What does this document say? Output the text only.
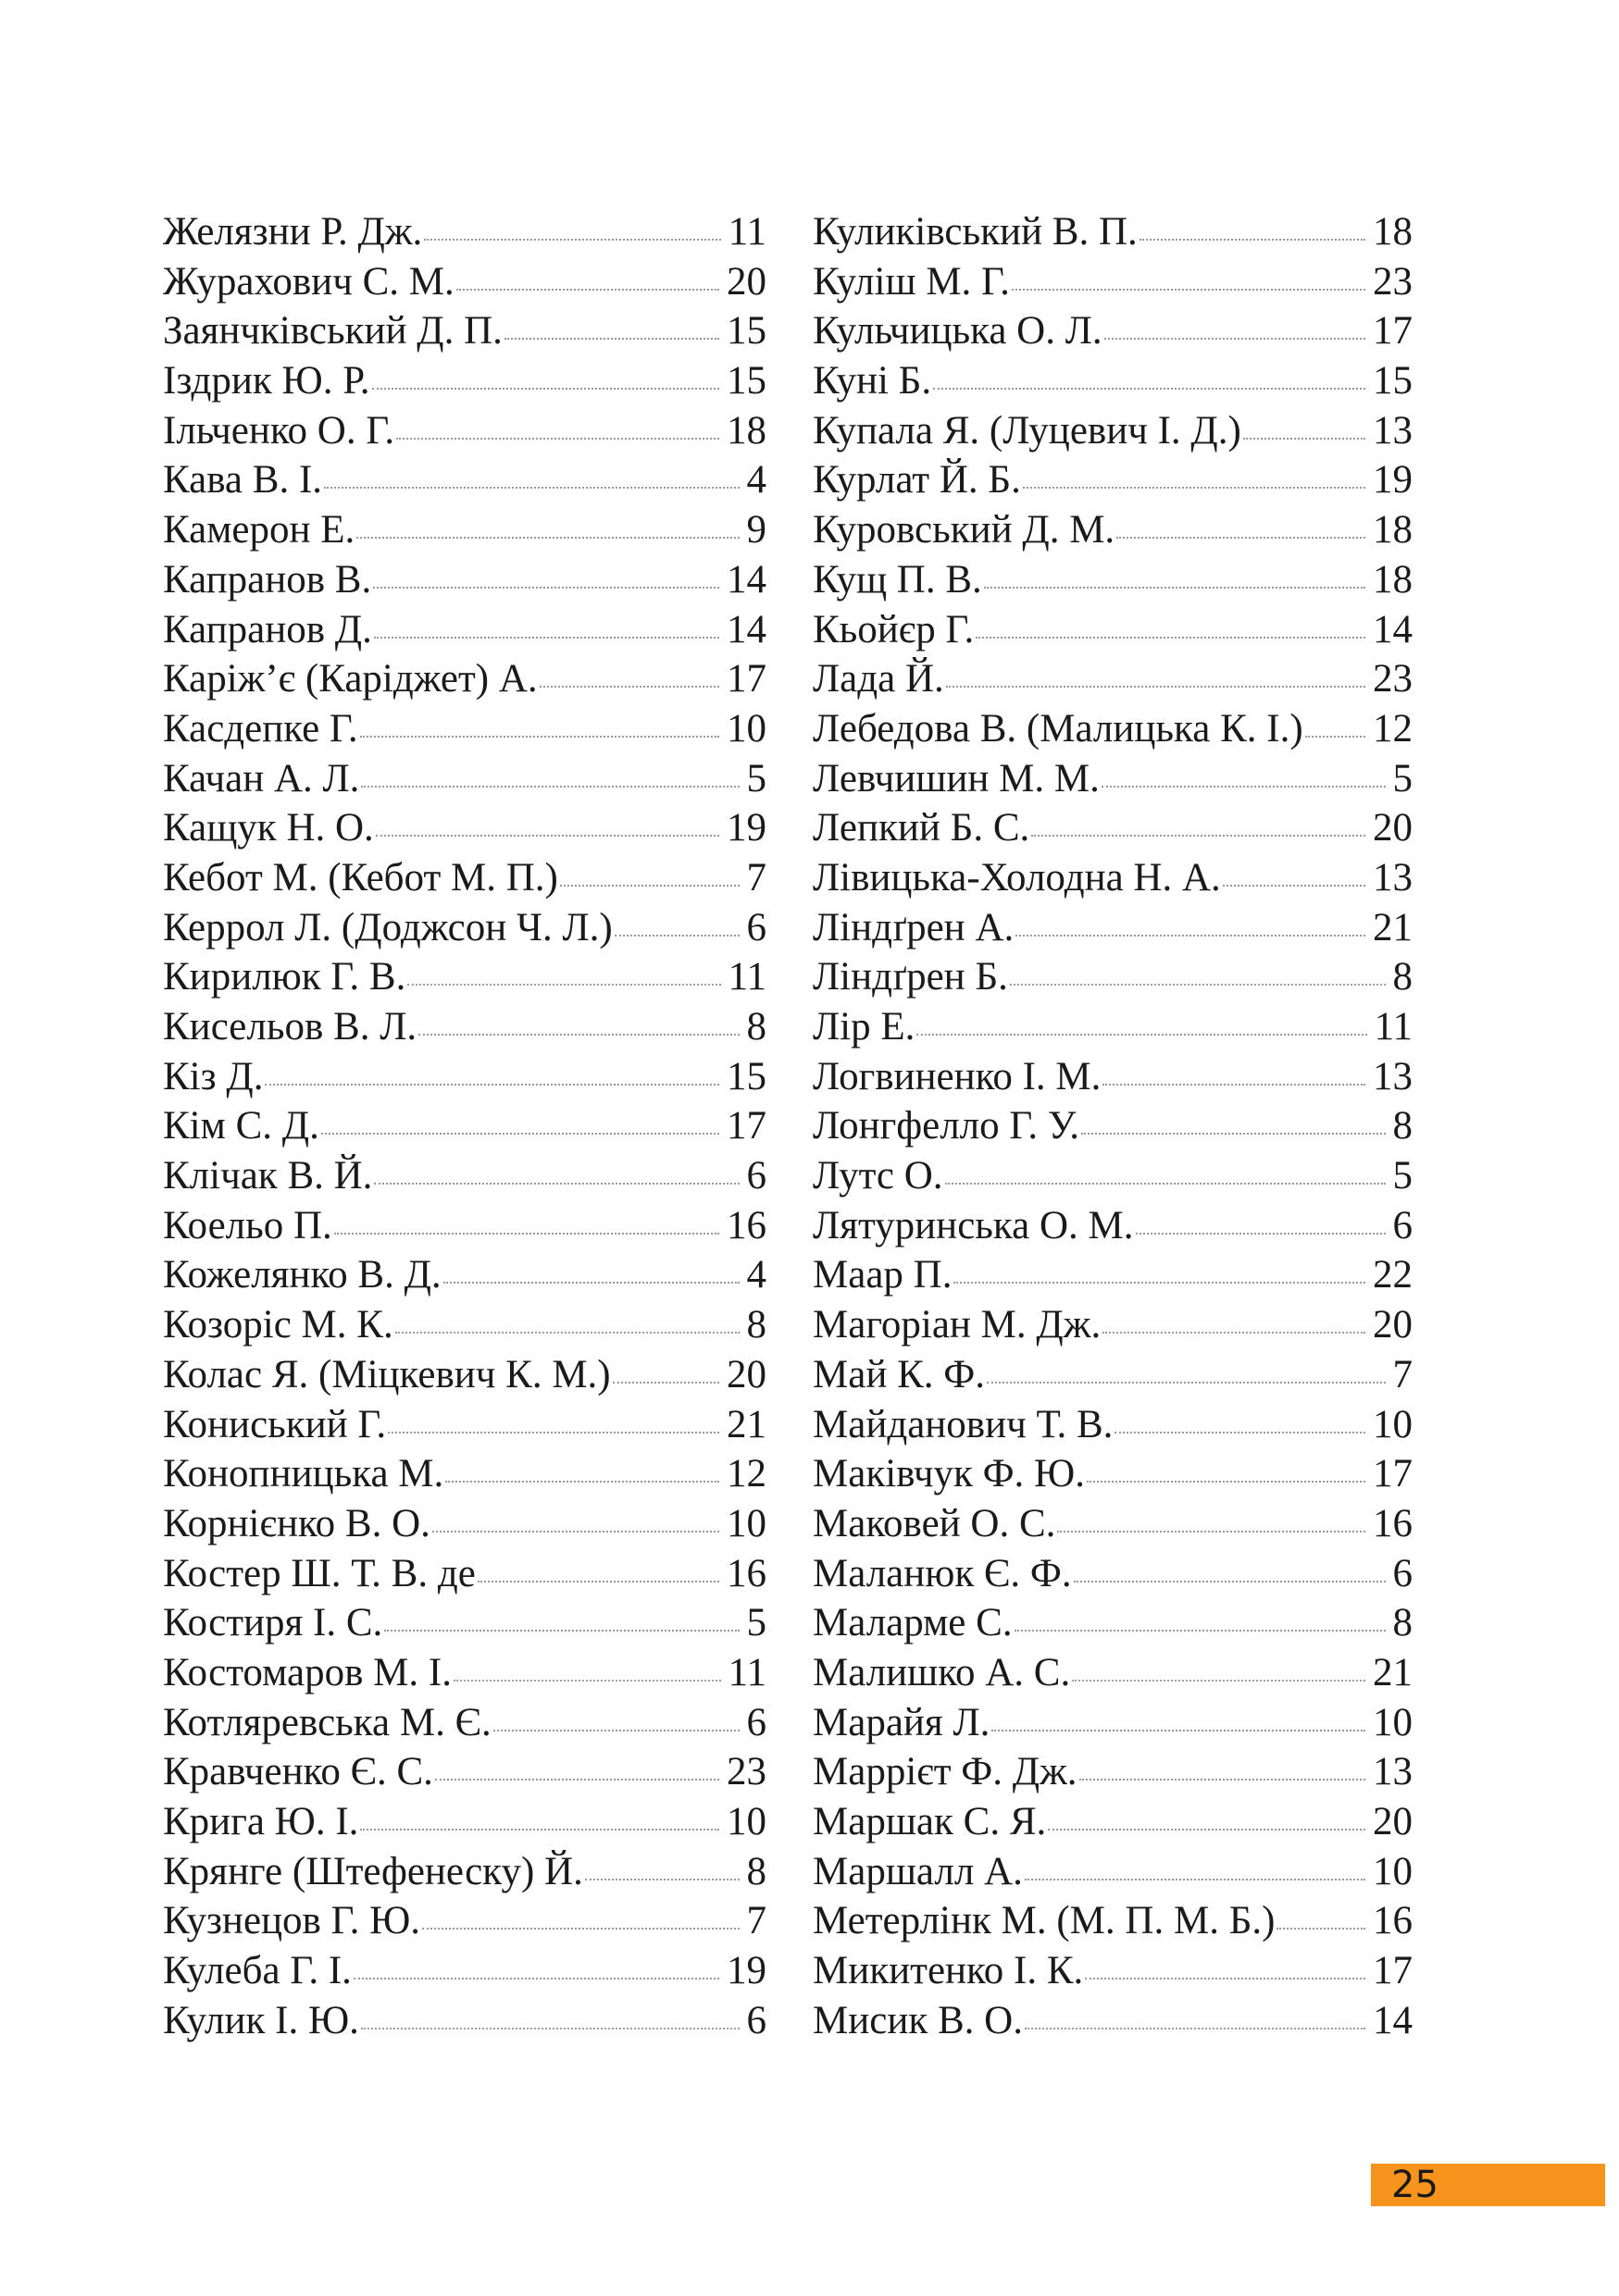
Желязни Р. Дж.	11
Журахович С. М.	20
Заянчківський Д. П.	15
Іздрик Ю. Р.	15
Ільченко О. Г.	18
Кава В. І.	4
Камерон Е.	9
Капранов В.	14
Капранов Д.	14
Каріж’є (Каріджет) А.	17
Касдепке Г.	10
Качан А. Л.	5
Кащук Н. О.	19
Кебот М. (Кебот М. П.)	7
Керрол Л. (Доджсон Ч. Л.)	6
Кирилюк Г. В.	11
Кисельов В. Л.	8
Кіз Д.	15
Кім С. Д.	17
Клічак В. Й.	6
Коельо П.	16
Кожелянко В. Д.	4
Козоріс М. К.	8
Колас Я. (Міцкевич К. М.)	20
Кониський Г.	21
Конопницька М.	12
Корнієнко В. О.	10
Костер Ш. Т. В. де	16
Костиря І. С.	5
Костомаров М. І.	11
Котляревська М. Є.	6
Кравченко Є. С.	23
Крига Ю. І.	10
Крянге (Штефенеску) Й.	8
Кузнецов Г. Ю.	7
Кулеба Г. І.	19
Кулик І. Ю.	6
Куликівський В. П.	18
Куліш М. Г.	23
Кульчицька О. Л.	17
Куні Б.	15
Купала Я. (Луцевич І. Д.)	13
Курлат Й. Б.	19
Куровський Д. М.	18
Кущ П. В.	18
Кьойєр Г.	14
Лада Й.	23
Лебедова В. (Малицька К. І.) 12
Левчишин М. М.	5
Лепкий Б. С.	20
Лівицька-Холодна Н. А.	13
Ліндґрен А.	21
Ліндґрен Б.	8
Лір Е.	11
Логвиненко І. М.	13
Лонгфелло Г. У.	8
Лутс О.	5
Лятуринська О. М.	6
Маар П.	22
Магоріан М. Дж.	20
Май К. Ф.	7
Майданович Т. В.	10
Маківчук Ф. Ю.	17
Маковей О. С.	16
Маланюк Є. Ф.	6
Маларме С.	8
Малишко А. С.	21
Марайя Л.	10
Маррієт Ф. Дж.	13
Маршак С. Я.	20
Маршалл А.	10
Метерлінк М. (М. П. М. Б.) 16
Микитенко І. К.	17
Мисик В. О.	14
25
